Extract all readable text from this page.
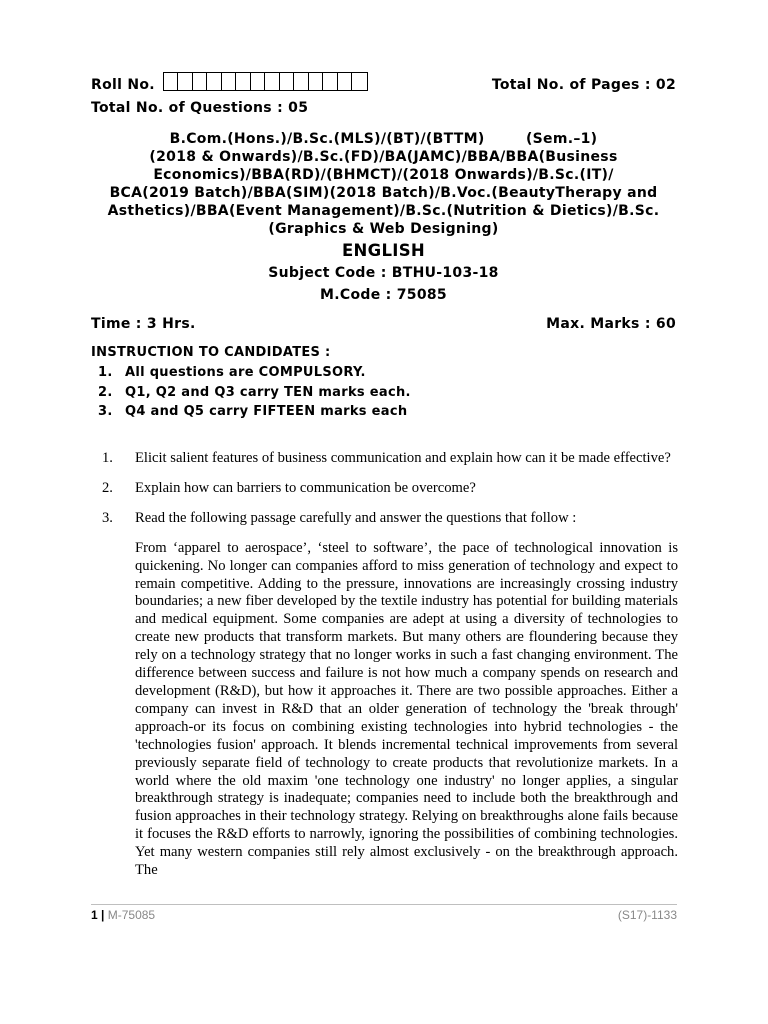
Roll No.	Total No. of Pages : 02
Total No. of Questions : 05
B.Com.(Hons.)/B.Sc.(MLS)/(BT)/(BTTM)        (Sem.–1)
(2018 & Onwards)/B.Sc.(FD)/BA(JAMC)/BBA/BBA(Business
Economics)/BBA(RD)/(BHMCT)/(2018 Onwards)/B.Sc.(IT)/
BCA(2019 Batch)/BBA(SIM)(2018 Batch)/B.Voc.(BeautyTherapy and
Asthetics)/BBA(Event Management)/B.Sc.(Nutrition & Dietics)/B.Sc.
(Graphics & Web Designing)
ENGLISH
Subject Code : BTHU-103-18
M.Code : 75085
Time : 3 Hrs.	Max. Marks : 60
INSTRUCTION TO CANDIDATES :
1. All questions are COMPULSORY.
2. Q1, Q2 and Q3 carry TEN marks each.
3. Q4 and Q5 carry FIFTEEN marks each
1.	Elicit salient features of business communication and explain how can it be made effective?
2.	Explain how can barriers to communication be overcome?
3.	Read the following passage carefully and answer the questions that follow :
From ‘apparel to aerospace’, ‘steel to software’, the pace of technological innovation is quickening. No longer can companies afford to miss generation of technology and expect to remain competitive. Adding to the pressure, innovations are increasingly crossing industry boundaries; a new fiber developed by the textile industry has potential for building materials and medical equipment. Some companies are adept at using a diversity of technologies to create new products that transform markets. But many others are floundering because they rely on a technology strategy that no longer works in such a fast changing environment. The difference between success and failure is not how much a company spends on research and development (R&D), but how it approaches it. There are two possible approaches. Either a company can invest in R&D that an older generation of technology the 'break through' approach-or its focus on combining existing technologies into hybrid technologies - the 'technologies fusion' approach. It blends incremental technical improvements from several previously separate field of technology to create products that revolutionize markets. In a world where the old maxim 'one technology one industry' no longer applies, a singular breakthrough strategy is inadequate; companies need to include both the breakthrough and fusion approaches in their technology strategy. Relying on breakthroughs alone fails because it focuses the R&D efforts to narrowly, ignoring the possibilities of combining technologies. Yet many western companies still rely almost exclusively - on the breakthrough approach. The
1 | M-75085	(S17)-1133
